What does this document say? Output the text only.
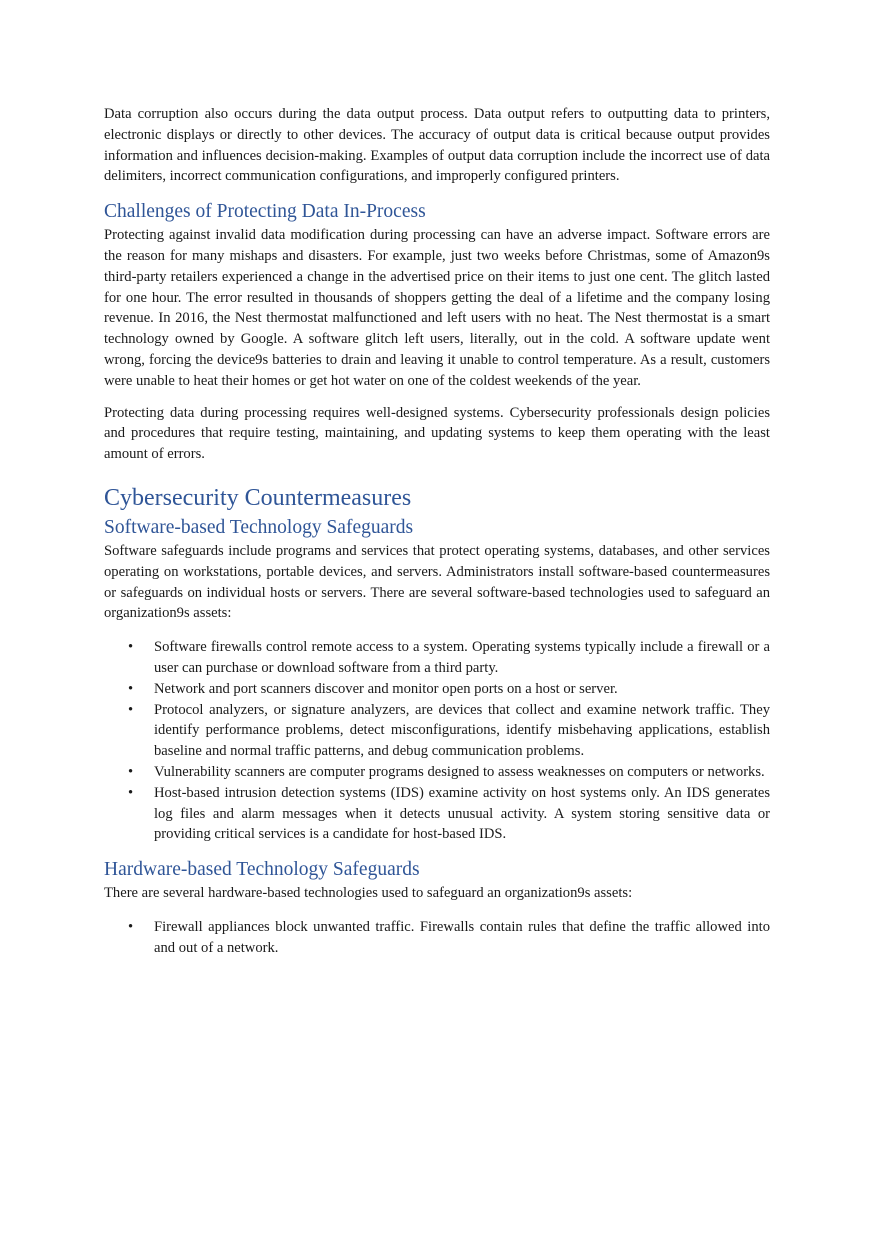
Data corruption also occurs during the data output process. Data output refers to outputting data to printers, electronic displays or directly to other devices. The accuracy of output data is critical because output provides information and influences decision-making. Examples of output data corruption include the incorrect use of data delimiters, incorrect communication configurations, and improperly configured printers.

Challenges of Protecting Data In-Process

Protecting against invalid data modification during processing can have an adverse impact. Software errors are the reason for many mishaps and disasters. For example, just two weeks before Christmas, some of Amazon9s third-party retailers experienced a change in the advertised price on their items to just one cent. The glitch lasted for one hour. The error resulted in thousands of shoppers getting the deal of a lifetime and the company losing revenue. In 2016, the Nest thermostat malfunctioned and left users with no heat. The Nest thermostat is a smart technology owned by Google. A software glitch left users, literally, out in the cold. A software update went wrong, forcing the device9s batteries to drain and leaving it unable to control temperature. As a result, customers were unable to heat their homes or get hot water on one of the coldest weekends of the year.

Protecting data during processing requires well-designed systems. Cybersecurity professionals design policies and procedures that require testing, maintaining, and updating systems to keep them operating with the least amount of errors.

Cybersecurity Countermeasures
Software-based Technology Safeguards

Software safeguards include programs and services that protect operating systems, databases, and other services operating on workstations, portable devices, and servers. Administrators install software-based countermeasures or safeguards on individual hosts or servers. There are several software-based technologies used to safeguard an organization9s assets:

• Software firewalls control remote access to a system. Operating systems typically include a firewall or a user can purchase or download software from a third party.
• Network and port scanners discover and monitor open ports on a host or server.
• Protocol analyzers, or signature analyzers, are devices that collect and examine network traffic. They identify performance problems, detect misconfigurations, identify misbehaving applications, establish baseline and normal traffic patterns, and debug communication problems.
• Vulnerability scanners are computer programs designed to assess weaknesses on computers or networks.
• Host-based intrusion detection systems (IDS) examine activity on host systems only. An IDS generates log files and alarm messages when it detects unusual activity. A system storing sensitive data or providing critical services is a candidate for host-based IDS.
Hardware-based Technology Safeguards

There are several hardware-based technologies used to safeguard an organization9s assets:

• Firewall appliances block unwanted traffic. Firewalls contain rules that define the traffic allowed into and out of a network.
